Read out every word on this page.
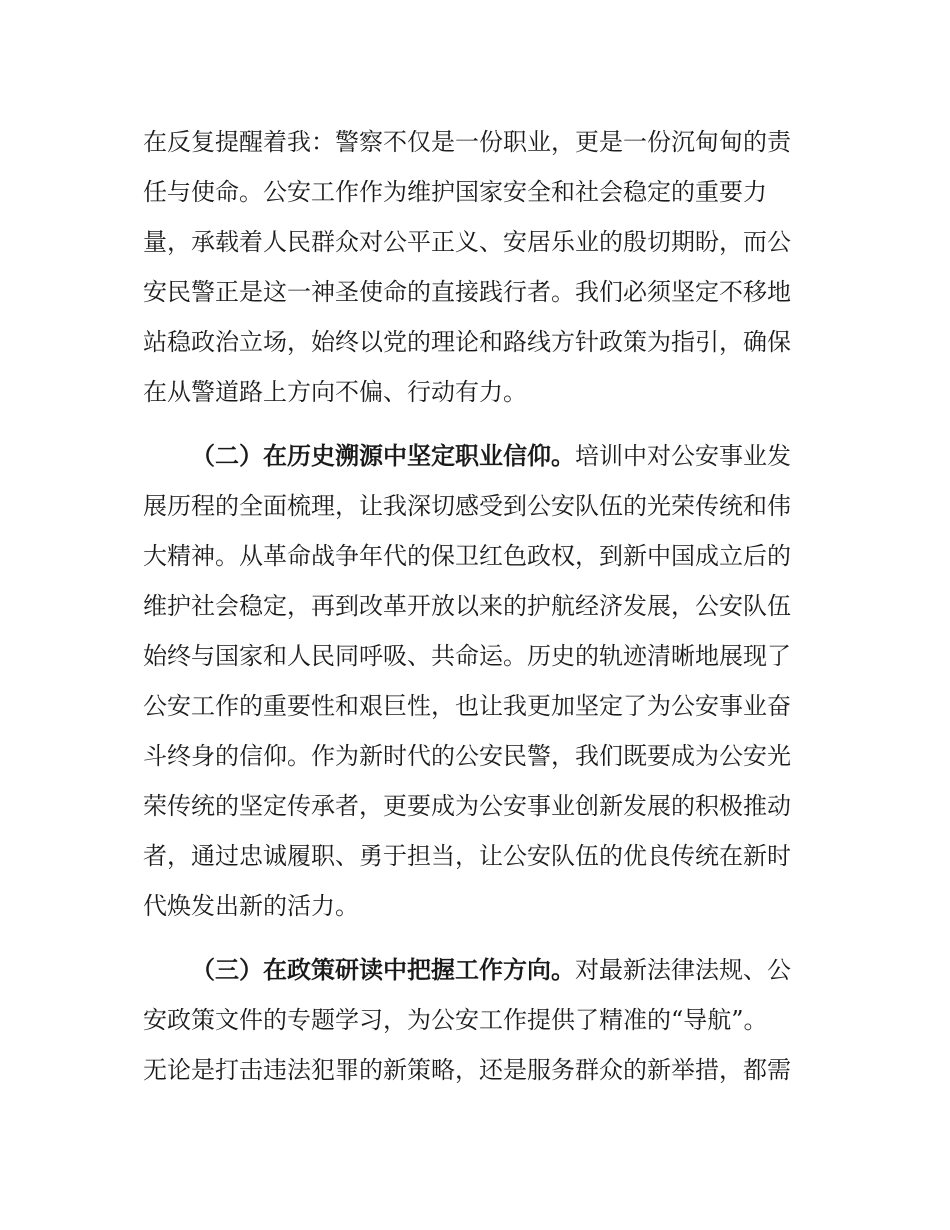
在反复提醒着我：警察不仅是一份职业，更是一份沉甸甸的责
任与使命。公安工作作为维护国家安全和社会稳定的重要力
量，承载着人民群众对公平正义、安居乐业的殷切期盼，而公
安民警正是这一神圣使命的直接践行者。我们必须坚定不移地
站稳政治立场，始终以党的理论和路线方针政策为指引，确保
在从警道路上方向不偏、行动有力。
（二）在历史溯源中坚定职业信仰。培训中对公安事业发
展历程的全面梳理，让我深切感受到公安队伍的光荣传统和伟
大精神。从革命战争年代的保卫红色政权，到新中国成立后的
维护社会稳定，再到改革开放以来的护航经济发展，公安队伍
始终与国家和人民同呼吸、共命运。历史的轨迹清晰地展现了
公安工作的重要性和艰巨性，也让我更加坚定了为公安事业奋
斗终身的信仰。作为新时代的公安民警，我们既要成为公安光
荣传统的坚定传承者，更要成为公安事业创新发展的积极推动
者，通过忠诚履职、勇于担当，让公安队伍的优良传统在新时
代焕发出新的活力。
（三）在政策研读中把握工作方向。对最新法律法规、公
安政策文件的专题学习，为公安工作提供了精准的“导航”。
无论是打击违法犯罪的新策略，还是服务群众的新举措，都需
